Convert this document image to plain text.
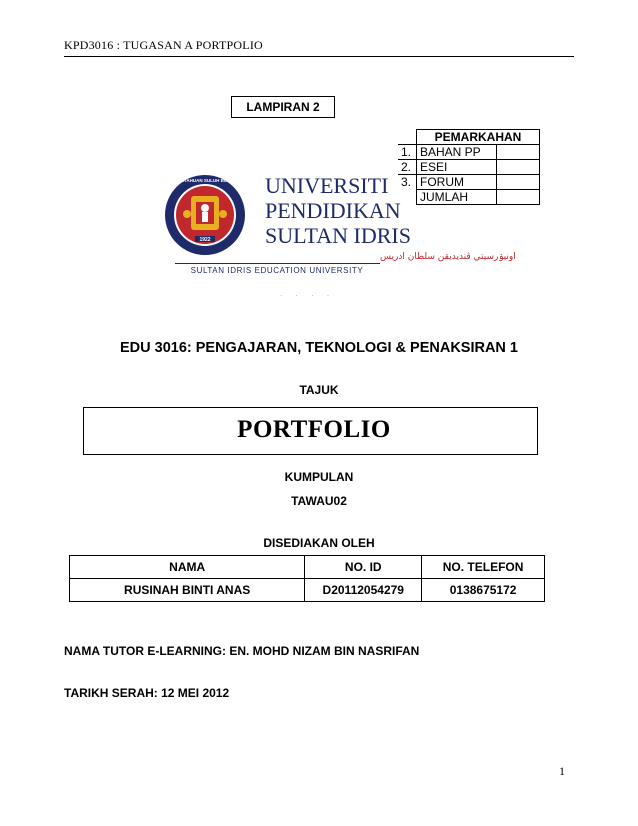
KPD3016 : TUGASAN A PORTPOLIO
LAMPIRAN 2
	PEMARKAHAN	
1.	BAHAN PP	
2.	ESEI	
3.	FORUM	
	JUMLAH	
1922
PENGETAHUAN SULUH BUDIMAN UNIVERSITI
PENDIDIKAN
SULTAN IDRIS
اونيۏرسيتي ڤنديديقن سلطان ادريس
SULTAN IDRIS EDUCATION UNIVERSITY
· · · ·
EDU 3016: PENGAJARAN, TEKNOLOGI & PENAKSIRAN 1
TAJUK
PORTFOLIO
KUMPULAN
TAWAU02
DISEDIAKAN OLEH
NAMA	NO. ID	NO. TELEFON
RUSINAH BINTI ANAS	D20112054279	0138675172
NAMA TUTOR E-LEARNING: EN. MOHD NIZAM BIN NASRIFAN
TARIKH SERAH: 12 MEI 2012
1
